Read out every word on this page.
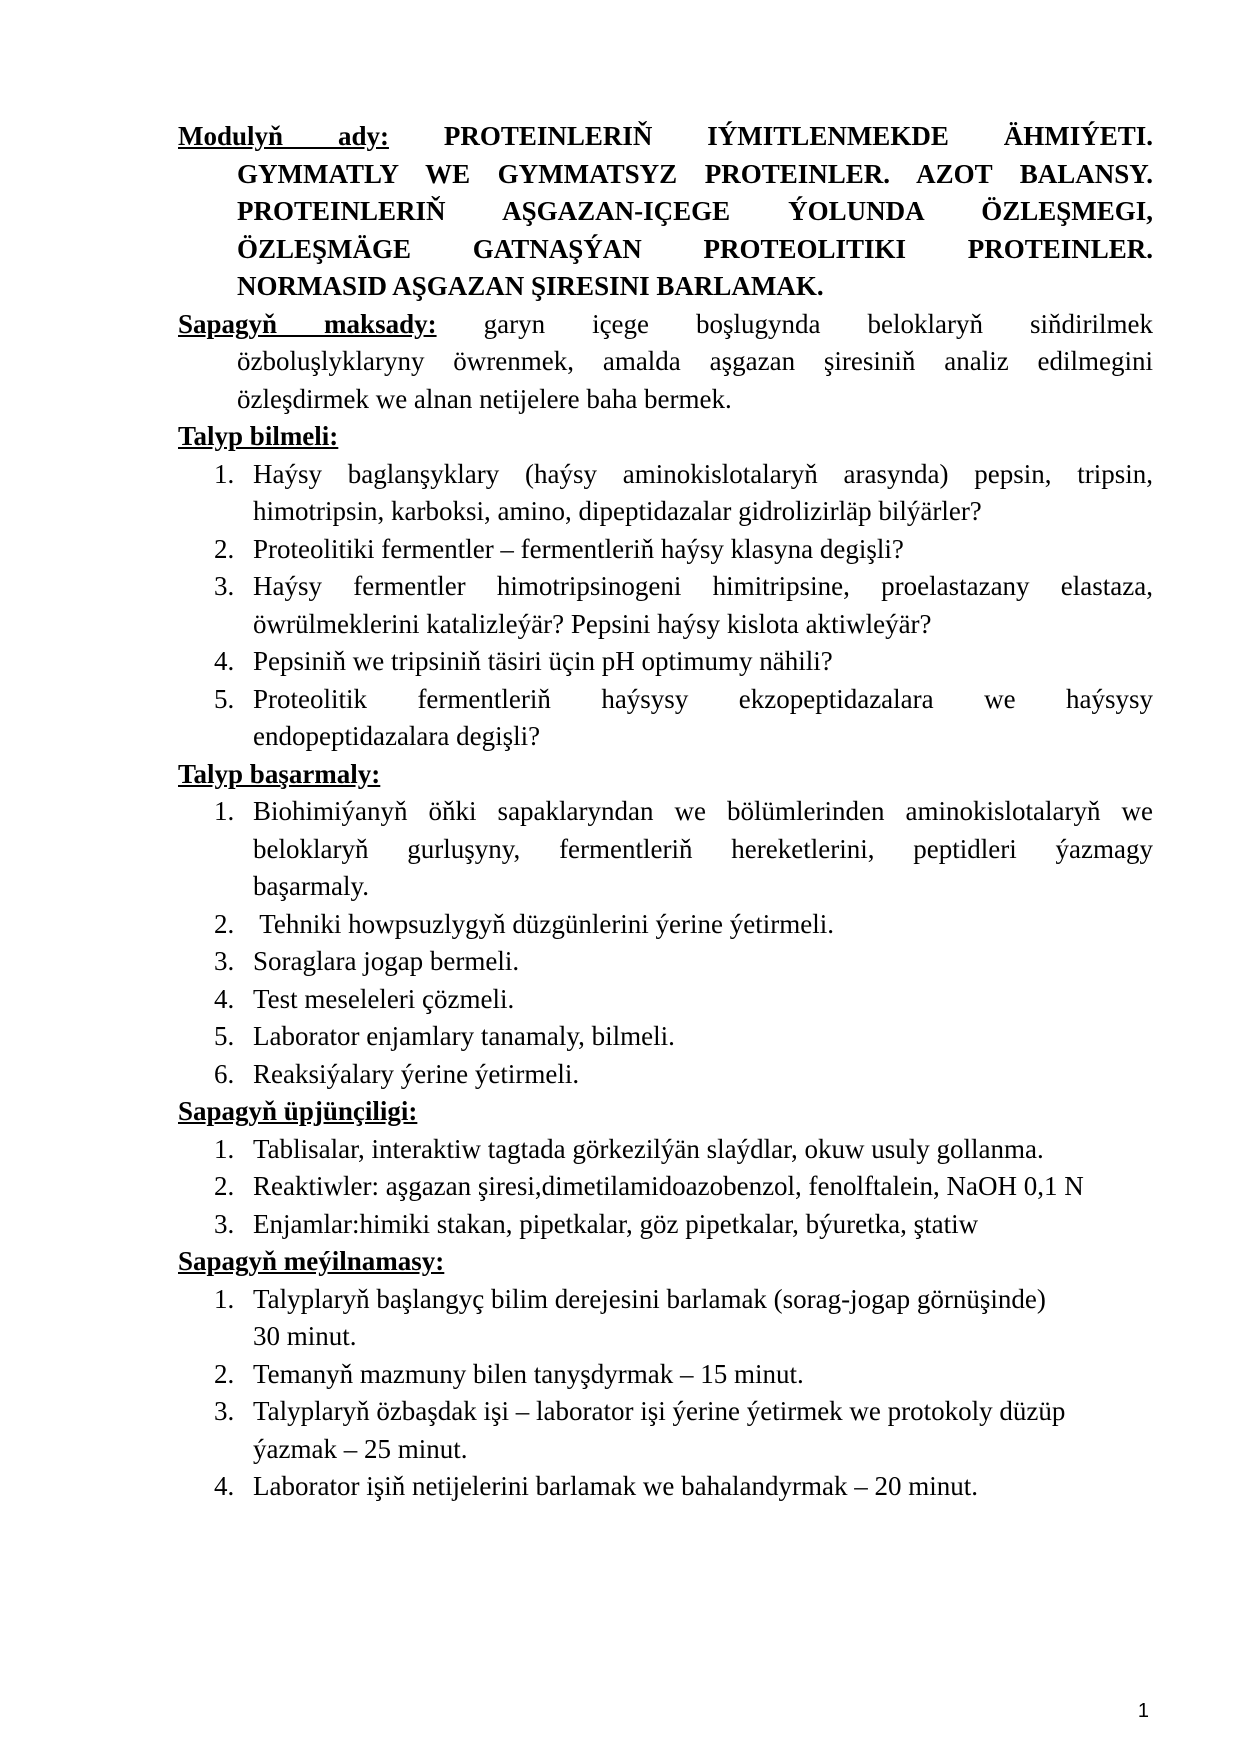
Modulyň ady: PROTEINLERIŇ IÝMITLENMEKDE ÄHMIÝETI.
GYMMATLY WE GYMMATSYZ PROTEINLER. AZOT BALANSY.
PROTEINLERIŇ AŞGAZAN-IÇEGE ÝOLUNDA ÖZLEŞMEGI,
ÖZLEŞMÄGE GATNAŞÝAN PROTEOLITIKI PROTEINLER.
NORMASID AŞGAZAN ŞIRESINI BARLAMAK.
Sapagyň maksady: garyn içege boşlugynda beloklaryň siňdirilmek
özboluşlyklaryny öwrenmek, amalda aşgazan şiresiniň analiz edilmegini
özleşdirmek we alnan netijelere baha bermek.
Talyp bilmeli:
1. Haýsy baglanşyklary (haýsy aminokislotalaryň arasynda) pepsin, tripsin,
himotripsin, karboksi, amino, dipeptidazalar gidrolizirläp bilýärler?
2. Proteolitiki fermentler – fermentleriň haýsy klasyna degişli?
3. Haýsy fermentler himotripsinogeni himitripsine, proelastazany elastaza,
öwrülmeklerini katalizleýär? Pepsini haýsy kislota aktiwleýär?
4. Pepsiniň we tripsiniň täsiri üçin pH optimumy nähili?
5. Proteolitik fermentleriň haýsysy ekzopeptidazalara we haýsysy
endopeptidazalara degişli?
Talyp başarmaly:
1. Biohimiýanyň öňki sapaklaryndan we bölümlerinden aminokislotalaryň we
beloklaryň gurluşyny, fermentleriň hereketlerini, peptidleri ýazmagy
başarmaly.
2. Tehniki howpsuzlygyň düzgünlerini ýerine ýetirmeli.
3. Soraglara jogap bermeli.
4. Test meseleleri çözmeli.
5. Laborator enjamlary tanamaly, bilmeli.
6. Reaksiýalary ýerine ýetirmeli.
Sapagyň üpjünçiligi:
1. Tablisalar, interaktiw tagtada görkezilýän slaýdlar, okuw usuly gollanma.
2. Reaktiwler: aşgazan şiresi,dimetilamidoazobenzol, fenolftalein, NaOH 0,1 N
3. Enjamlar:himiki stakan, pipetkalar, göz pipetkalar, býuretka, ştatiw
Sapagyň meýilnamasy:
1. Talyplaryň başlangyç bilim derejesini barlamak (sorag-jogap görnüşinde)
30 minut.
2. Temanyň mazmuny bilen tanyşdyrmak – 15 minut.
3. Talyplaryň özbaşdak işi – laborator işi ýerine ýetirmek we protokoly düzüp
ýazmak – 25 minut.
4. Laborator işiň netijelerini barlamak we bahalandyrmak – 20 minut.
1
